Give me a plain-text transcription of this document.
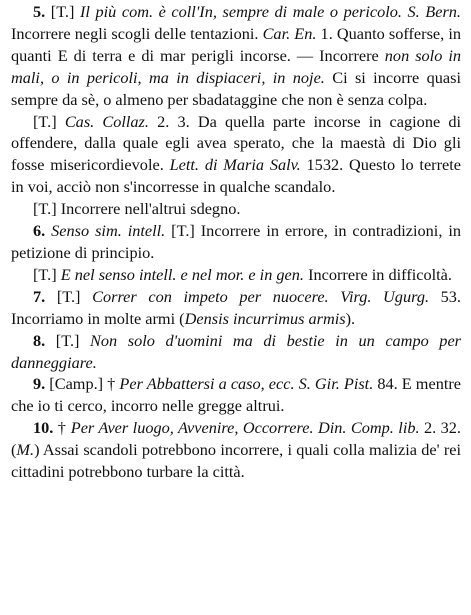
5. [T.] Il più com. è coll'In, sempre di male o pericolo. S. Bern. Incorrere negli scogli delle tentazioni. Car. En. 1. Quanto sofferse, in quanti E di terra e di mar perigli incorse. — Incorrere non solo in mali, o in pericoli, ma in dispiaceri, in noje. Ci si incorre quasi sempre da sè, o almeno per sbadataggine che non è senza colpa.
[T.] Cas. Collaz. 2. 3. Da quella parte incorse in cagione di offendere, dalla quale egli avea sperato, che la maestà di Dio gli fosse misericordievole. Lett. di Maria Salv. 1532. Questo lo terrete in voi, acciò non s'incorresse in qualche scandalo.
[T.] Incorrere nell'altrui sdegno.
6. Senso sim. intell. [T.] Incorrere in errore, in contradizioni, in petizione di principio.
[T.] E nel senso intell. e nel mor. e in gen. Incorrere in difficoltà.
7. [T.] Correr con impeto per nuocere. Virg. Ugurg. 53. Incorriamo in molte armi (Densis incurrimus armis).
8. [T.] Non solo d'uomini ma di bestie in un campo per danneggiare.
9. [Camp.] † Per Abbattersi a caso, ecc. S. Gir. Pist. 84. E mentre che io ti cerco, incorro nelle gregge altrui.
10. † Per Aver luogo, Avvenire, Occorrere. Din. Comp. lib. 2. 32. (M.) Assai scandoli potrebbono incorrere, i quali colla malizia de' rei cittadini potrebbono turbare la città.
